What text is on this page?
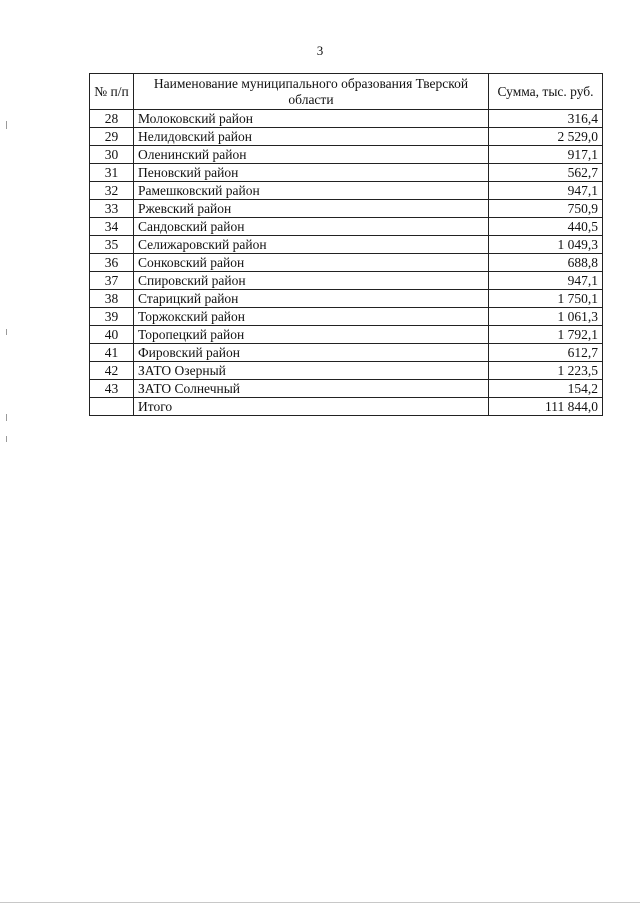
3
№ п/п	Наименование муниципального образования Тверской области	Сумма, тыс. руб.
28	Молоковский район	316,4
29	Нелидовский район	2 529,0
30	Оленинский район	917,1
31	Пеновский район	562,7
32	Рамешковский район	947,1
33	Ржевский район	750,9
34	Сандовский район	440,5
35	Селижаровский район	1 049,3
36	Сонковский район	688,8
37	Спировский район	947,1
38	Старицкий район	1 750,1
39	Торжокский район	1 061,3
40	Торопецкий район	1 792,1
41	Фировский район	612,7
42	ЗАТО Озерный	1 223,5
43	ЗАТО Солнечный	154,2
	Итого	111 844,0
